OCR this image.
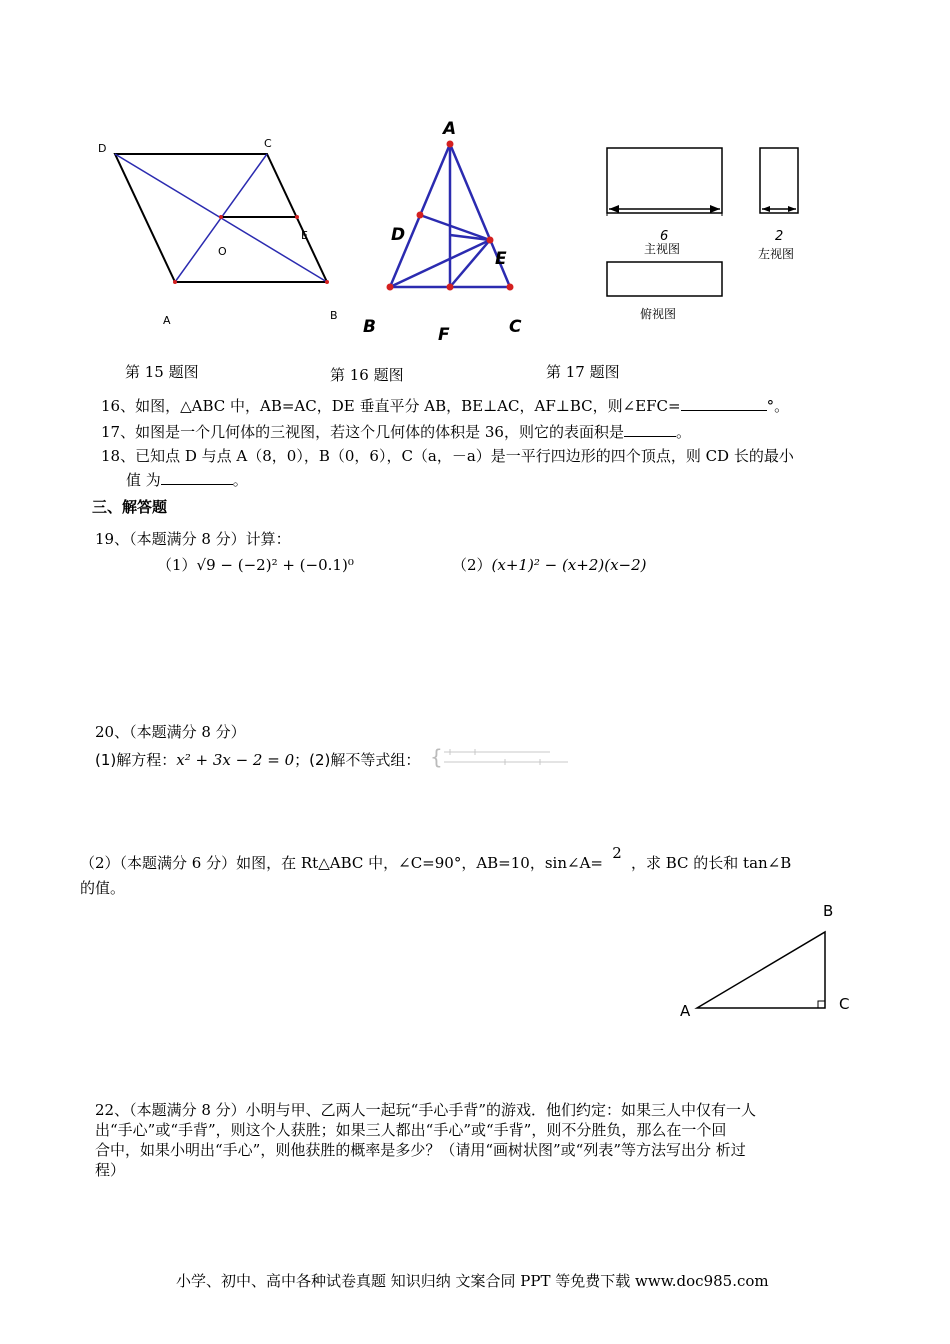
D	C
O
E
A	B
A
D
E
B	F	C
6
主视图
2
左视图
俯视图
第 15 题图	第 16 题图	第 17 题图
16、如图，△ABC 中，AB=AC，DE 垂直平分 AB，BE⊥AC，AF⊥BC，则∠EFC=	°。
17、如图是一个几何体的三视图，若这个几何体的体积是 36，则它的表面积是	。
18、已知点 D 与点 A（8，0），B（0，6），C（a，－a）是一平行四边形的四个顶点，则 CD 长的最小
值 为	。
三、解答题
19、（本题满分 8 分）计算：
（1）√9 − (−2)² + (−0.1)⁰	（2）(x+1)² − (x+2)(x−2)
20、（本题满分 8 分）
(1)解方程：x² + 3x − 2 = 0；(2)解不等式组： {
（2）（本题满分 6 分）如图，在 Rt△ABC 中，∠C=90°，AB=10，sin∠A=2，求 BC 的长和 tan∠B
的值。
B
A	C
22、（本题满分 8 分）小明与甲、乙两人一起玩“手心手背”的游戏．他们约定：如果三人中仅有一人
出“手心”或“手背”，则这个人获胜；如果三人都出“手心”或“手背”，则不分胜负，那么在一个回
合中，如果小明出“手心”，则他获胜的概率是多少？（请用“画树状图”或“列表”等方法写出分 析过
程）
小学、初中、高中各种试卷真题 知识归纳 文案合同 PPT 等免费下载 www.doc985.com
